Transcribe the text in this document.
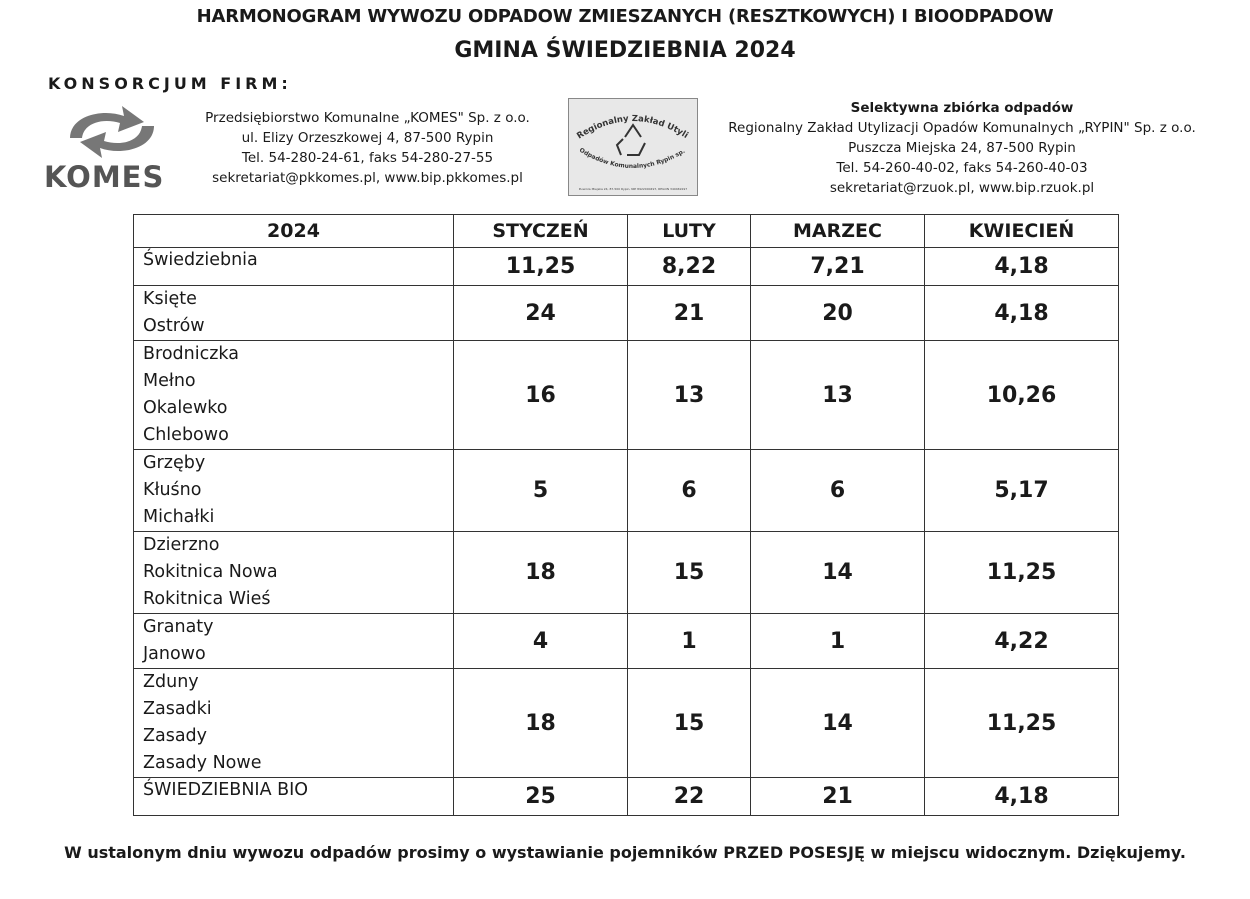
HARMONOGRAM WYWOZU ODPADOW ZMIESZANYCH (RESZTKOWYCH) I BIOODPADOW
GMINA ŚWIEDZIEBNIA 2024
KONSORCJUM FIRM:
KOMES
Przedsiębiorstwo Komunalne „KOMES" Sp. z o.o.
ul. Elizy Orzeszkowej 4, 87-500 Rypin
Tel. 54-280-24-61, faks 54-280-27-55
sekretariat@pkkomes.pl, www.bip.pkkomes.pl
Regionalny Zakład Utyli
Odpadów Komunalnych Rypin sp.
Puszcza Miejska 24, 87-500 Rypin, NIP 8922000497, REGON 340469197
Selektywna zbiórka odpadów
Regionalny Zakład Utylizacji Opadów Komunalnych „RYPIN" Sp. z o.o.
Puszcza Miejska 24, 87-500 Rypin
Tel. 54-260-40-02, faks 54-260-40-03
sekretariat@rzuok.pl, www.bip.rzuok.pl
2024	STYCZEŃ	LUTY	MARZEC	KWIECIEŃ

Świedziebnia	11,25	8,22	7,21	4,18

Księte
Ostrów	24	21	20	4,18

Brodniczka
Mełno
Okalewko
Chlebowo	16	13	13	10,26

Grzęby
Kłuśno
Michałki	5	6	6	5,17

Dzierzno
Rokitnica Nowa
Rokitnica Wieś	18	15	14	11,25

Granaty
Janowo	4	1	1	4,22

Zduny
Zasadki
Zasady
Zasady Nowe	18	15	14	11,25

ŚWIEDZIEBNIA BIO	25	22	21	4,18
W ustalonym dniu wywozu odpadów prosimy o wystawianie pojemników PRZED POSESJĘ w miejscu widocznym. Dziękujemy.
